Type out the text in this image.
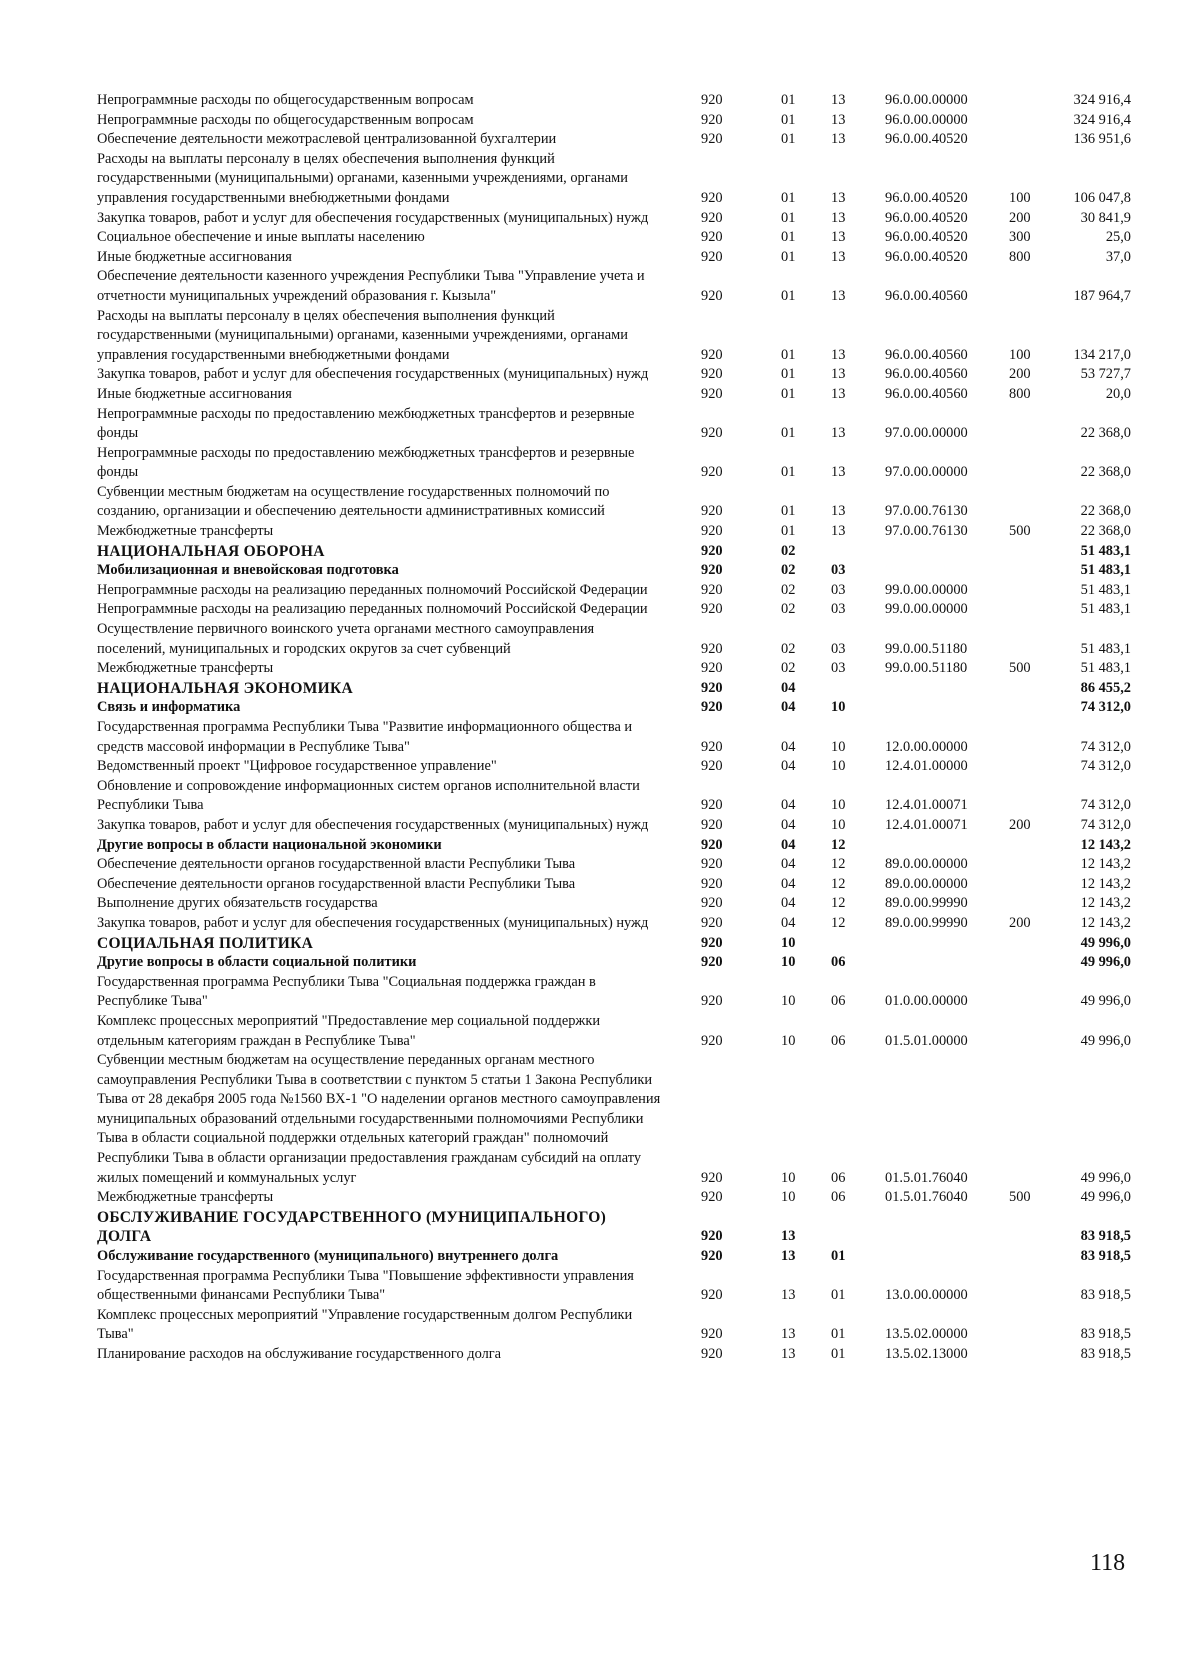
Непрограммные расходы по общегосударственным вопросам	920	01	13	96.0.00.00000		324 916,4
Непрограммные расходы по общегосударственным вопросам	920	01	13	96.0.00.00000		324 916,4
Обеспечение деятельности межотраслевой централизованной бухгалтерии	920	01	13	96.0.00.40520		136 951,6
Расходы на выплаты персоналу в целях обеспечения выполнения функций государственными (муниципальными) органами, казенными учреждениями, органами управления государственными внебюджетными фондами	920	01	13	96.0.00.40520	100	106 047,8
Закупка товаров, работ и услуг для обеспечения государственных (муниципальных) нужд	920	01	13	96.0.00.40520	200	30 841,9
Социальное обеспечение и иные выплаты населению	920	01	13	96.0.00.40520	300	25,0
Иные бюджетные ассигнования	920	01	13	96.0.00.40520	800	37,0
Обеспечение деятельности казенного учреждения Республики Тыва "Управление учета и отчетности муниципальных учреждений образования г. Кызыла"	920	01	13	96.0.00.40560		187 964,7
Расходы на выплаты персоналу в целях обеспечения выполнения функций государственными (муниципальными) органами, казенными учреждениями, органами управления государственными внебюджетными фондами	920	01	13	96.0.00.40560	100	134 217,0
Закупка товаров, работ и услуг для обеспечения государственных (муниципальных) нужд	920	01	13	96.0.00.40560	200	53 727,7
Иные бюджетные ассигнования	920	01	13	96.0.00.40560	800	20,0
Непрограммные расходы по предоставлению межбюджетных трансфертов и резервные фонды	920	01	13	97.0.00.00000		22 368,0
Непрограммные расходы по предоставлению межбюджетных трансфертов и резервные фонды	920	01	13	97.0.00.00000		22 368,0
Субвенции местным бюджетам на осуществление государственных полномочий по созданию, организации и обеспечению деятельности административных комиссий	920	01	13	97.0.00.76130		22 368,0
Межбюджетные трансферты	920	01	13	97.0.00.76130	500	22 368,0
НАЦИОНАЛЬНАЯ ОБОРОНА	920	02				51 483,1
Мобилизационная и вневойсковая подготовка	920	02	03			51 483,1
Непрограммные расходы на реализацию переданных полномочий Российской Федерации	920	02	03	99.0.00.00000		51 483,1
Непрограммные расходы на реализацию переданных полномочий Российской Федерации	920	02	03	99.0.00.00000		51 483,1
Осуществление первичного воинского учета органами местного самоуправления поселений, муниципальных и городских округов за счет субвенций	920	02	03	99.0.00.51180		51 483,1
Межбюджетные трансферты	920	02	03	99.0.00.51180	500	51 483,1
НАЦИОНАЛЬНАЯ ЭКОНОМИКА	920	04				86 455,2
Связь и информатика	920	04	10			74 312,0
Государственная программа Республики Тыва "Развитие информационного общества и средств массовой информации в Республике Тыва"	920	04	10	12.0.00.00000		74 312,0
Ведомственный проект "Цифровое государственное управление"	920	04	10	12.4.01.00000		74 312,0
Обновление и сопровождение информационных систем органов исполнительной власти Республики Тыва	920	04	10	12.4.01.00071		74 312,0
Закупка товаров, работ и услуг для обеспечения государственных (муниципальных) нужд	920	04	10	12.4.01.00071	200	74 312,0
Другие вопросы в области национальной экономики	920	04	12			12 143,2
Обеспечение деятельности органов государственной власти Республики Тыва	920	04	12	89.0.00.00000		12 143,2
Обеспечение деятельности органов государственной власти Республики Тыва	920	04	12	89.0.00.00000		12 143,2
Выполнение других обязательств государства	920	04	12	89.0.00.99990		12 143,2
Закупка товаров, работ и услуг для обеспечения государственных (муниципальных) нужд	920	04	12	89.0.00.99990	200	12 143,2
СОЦИАЛЬНАЯ ПОЛИТИКА	920	10				49 996,0
Другие вопросы в области социальной политики	920	10	06			49 996,0
Государственная программа Республики Тыва "Социальная поддержка граждан в Республике Тыва"	920	10	06	01.0.00.00000		49 996,0
Комплекс процессных мероприятий "Предоставление мер социальной поддержки отдельным категориям граждан в Республике Тыва"	920	10	06	01.5.01.00000		49 996,0
Субвенции местным бюджетам на осуществление переданных органам местного самоуправления Республики Тыва в соответствии с пунктом 5 статьи 1 Закона Республики Тыва от 28 декабря 2005 года №1560 ВХ-1 "О наделении органов местного самоуправления муниципальных образований отдельными государственными полномочиями Республики Тыва в области социальной поддержки отдельных категорий граждан" полномочий Республики Тыва в области организации предоставления гражданам субсидий на оплату жилых помещений и коммунальных услуг	920	10	06	01.5.01.76040		49 996,0
Межбюджетные трансферты	920	10	06	01.5.01.76040	500	49 996,0
ОБСЛУЖИВАНИЕ ГОСУДАРСТВЕННОГО (МУНИЦИПАЛЬНОГО) ДОЛГА	920	13				83 918,5
Обслуживание государственного (муниципального) внутреннего долга	920	13	01			83 918,5
Государственная программа Республики Тыва "Повышение эффективности управления общественными финансами Республики Тыва"	920	13	01	13.0.00.00000		83 918,5
Комплекс процессных мероприятий "Управление государственным долгом Республики Тыва"	920	13	01	13.5.02.00000		83 918,5
Планирование расходов на обслуживание государственного долга	920	13	01	13.5.02.13000		83 918,5
118
